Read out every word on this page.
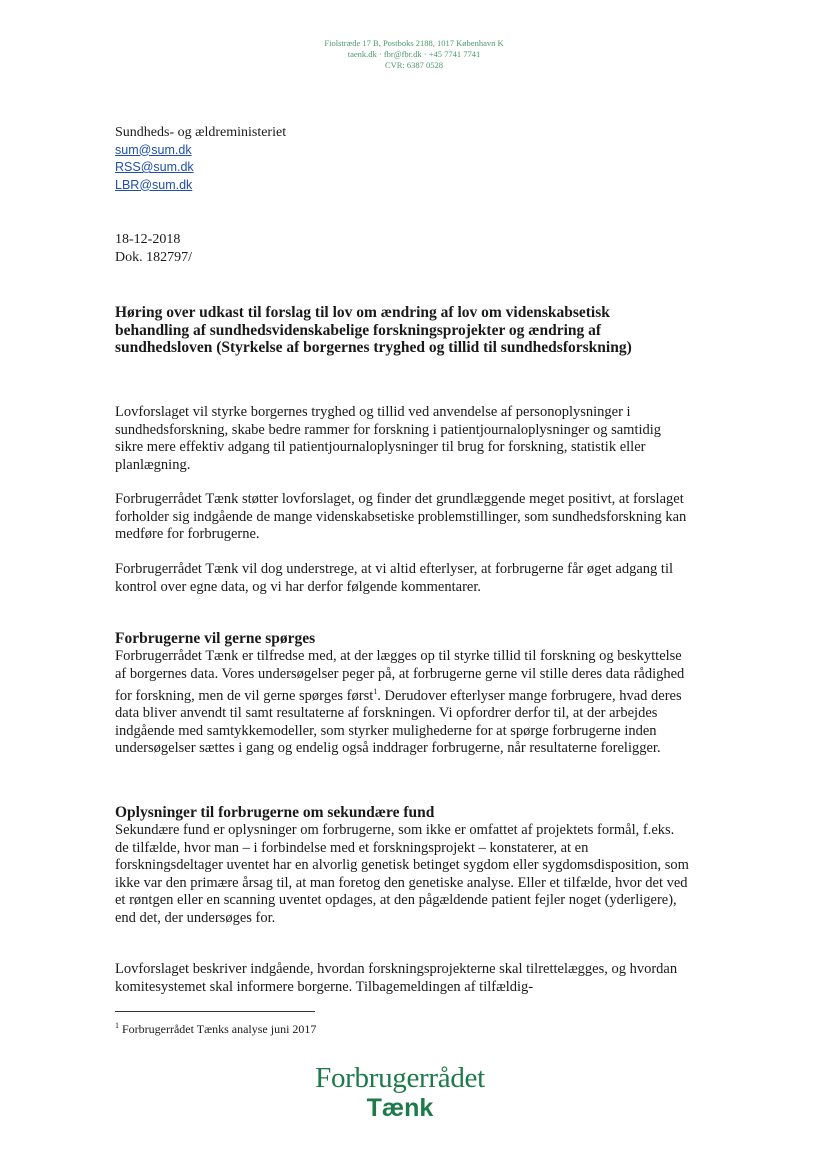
Fiolstræde 17 B, Postboks 2188, 1017 København K
taenk.dk · fbr@fbr.dk · +45 7741 7741
CVR: 6387 0528
Sundheds- og ældreministeriet
sum@sum.dk
RSS@sum.dk
LBR@sum.dk
18-12-2018
Dok. 182797/
Høring over udkast til forslag til lov om ændring af lov om videnskabsetisk behandling af sundhedsvidenskabelige forskningsprojekter og ændring af sundhedsloven (Styrkelse af borgernes tryghed og tillid til sundhedsforskning)

Lovforslaget vil styrke borgernes tryghed og tillid ved anvendelse af personoplysninger i sundhedsforskning, skabe bedre rammer for forskning i patientjournaloplysninger og samtidig sikre mere effektiv adgang til patientjournaloplysninger til brug for forskning, statistik eller planlægning.

Forbrugerrådet Tænk støtter lovforslaget, og finder det grundlæggende meget positivt, at forslaget forholder sig indgående de mange videnskabsetiske problemstillinger, som sundhedsforskning kan medføre for forbrugerne.

Forbrugerrådet Tænk vil dog understrege, at vi altid efterlyser, at forbrugerne får øget adgang til kontrol over egne data, og vi har derfor følgende kommentarer.

Forbrugerne vil gerne spørges

Forbrugerrådet Tænk er tilfredse med, at der lægges op til styrke tillid til forskning og beskyttelse af borgernes data. Vores undersøgelser peger på, at forbrugerne gerne vil stille deres data rådighed for forskning, men de vil gerne spørges først$^1$. Derudover efterlyser mange forbrugere, hvad deres data bliver anvendt til samt resultaterne af forskningen. Vi opfordrer derfor til, at der arbejdes indgående med samtykkemodeller, som styrker mulighederne for at spørge forbrugerne inden undersøgelser sættes i gang og endelig også inddrager forbrugerne, når resultaterne foreligger.

Oplysninger til forbrugerne om sekundære fund

Sekundære fund er oplysninger om forbrugerne, som ikke er omfattet af projektets formål, f.eks. de tilfælde, hvor man – i forbindelse med et forskningsprojekt – konstaterer, at en forskningsdeltager uventet har en alvorlig genetisk betinget sygdom eller sygdomsdisposition, som ikke var den primære årsag til, at man foretog den genetiske analyse. Eller et tilfælde, hvor det ved et røntgen eller en scanning uventet opdages, at den pågældende patient fejler noget (yderligere), end det, der undersøges for.

Lovforslaget beskriver indgående, hvordan forskningsprojekterne skal tilrettelægges, og hvordan komitesystemet skal informere borgerne. Tilbagemeldingen af tilfældig-

$^1$ Forbrugerrådet Tænks analyse juni 2017
Forbrugerrådet
Tænk
